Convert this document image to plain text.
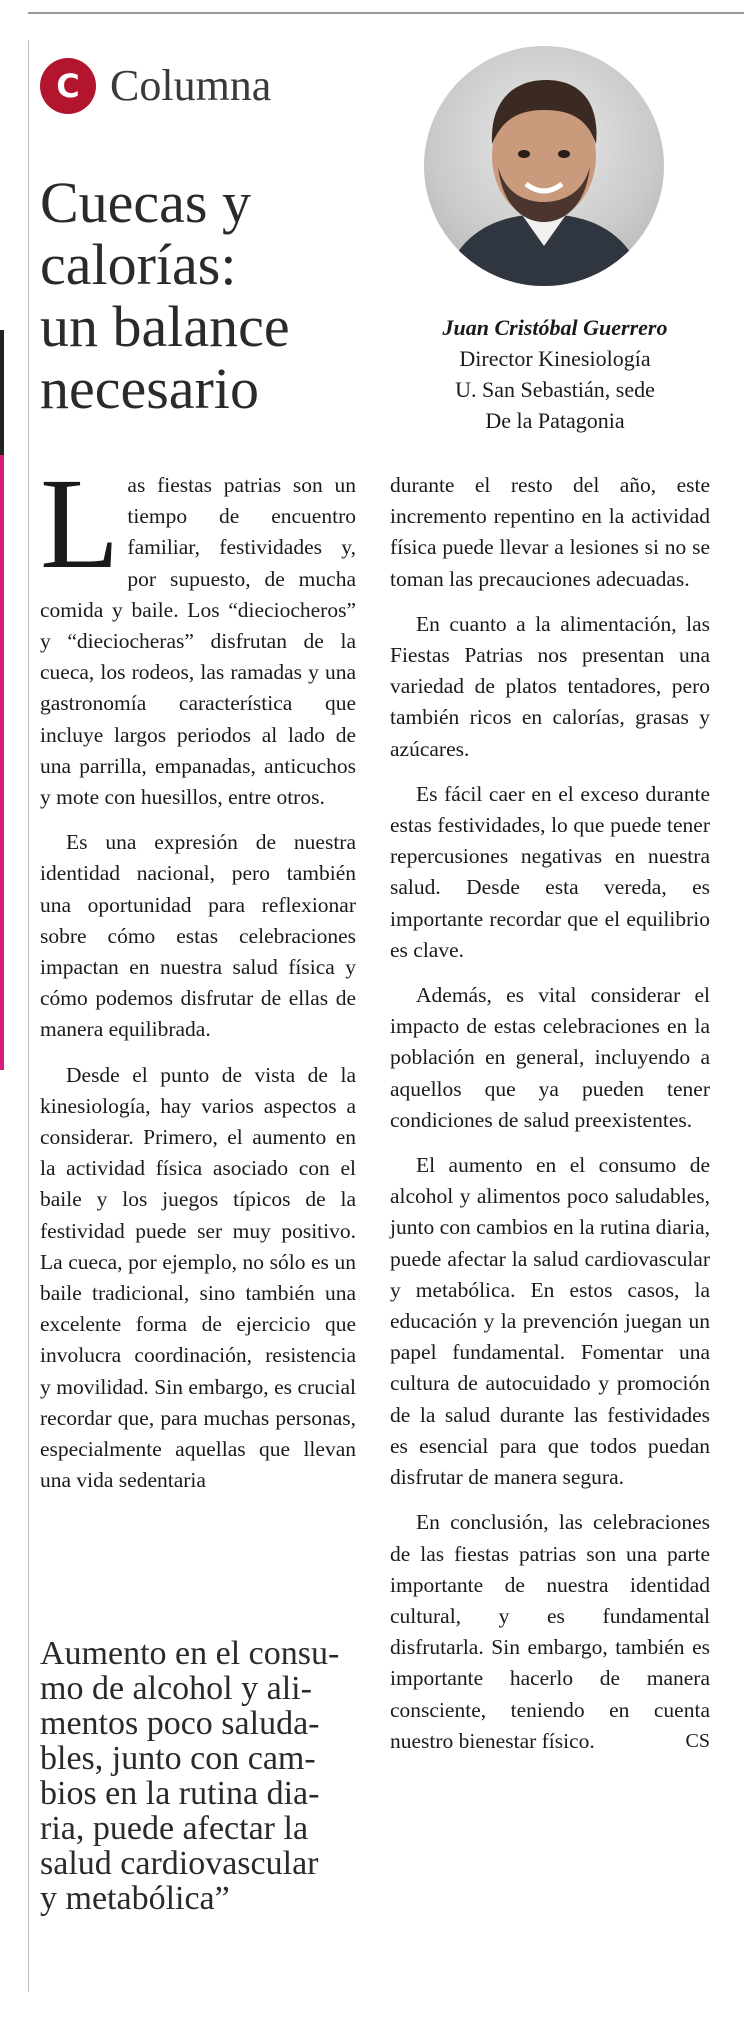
C Columna
Cuecas y
calorías:
un balance
necesario
Juan Cristóbal Guerrero
Director Kinesiología
U. San Sebastián, sede
De la Patagonia

Las fiestas patrias son un tiempo de encuentro familiar, festividades y, por supuesto, de mucha comida y baile. Los “dieciocheros” y “dieciocheras” disfrutan de la cueca, los rodeos, las ramadas y una gastronomía característica que incluye largos periodos al lado de una parrilla, empanadas, anticuchos y mote con huesillos, entre otros.

Es una expresión de nuestra identidad nacional, pero también una oportunidad para reflexionar sobre cómo estas celebraciones impactan en nuestra salud física y cómo podemos disfrutar de ellas de manera equilibrada.

Desde el punto de vista de la kinesiología, hay varios aspectos a considerar. Primero, el aumento en la actividad física asociado con el baile y los juegos típicos de la festividad puede ser muy positivo. La cueca, por ejemplo, no sólo es un baile tradicional, sino también una excelente forma de ejercicio que involucra coordinación, resistencia y movilidad. Sin embargo, es crucial recordar que, para muchas personas, especialmente aquellas que llevan una vida sedentaria

Aumento en el consu-
mo de alcohol y ali-
mentos poco saluda-
bles, junto con cam-
bios en la rutina dia-
ria, puede afectar la
salud cardiovascular
y metabólica”

durante el resto del año, este incremento repentino en la actividad física puede llevar a lesiones si no se toman las precauciones adecuadas.

En cuanto a la alimentación, las Fiestas Patrias nos presentan una variedad de platos tentadores, pero también ricos en calorías, grasas y azúcares.

Es fácil caer en el exceso durante estas festividades, lo que puede tener repercusiones negativas en nuestra salud. Desde esta vereda, es importante recordar que el equilibrio es clave.

Además, es vital considerar el impacto de estas celebraciones en la población en general, incluyendo a aquellos que ya pueden tener condiciones de salud preexistentes.

El aumento en el consumo de alcohol y alimentos poco saludables, junto con cambios en la rutina diaria, puede afectar la salud cardiovascular y metabólica. En estos casos, la educación y la prevención juegan un papel fundamental. Fomentar una cultura de autocuidado y promoción de la salud durante las festividades es esencial para que todos puedan disfrutar de manera segura.

En conclusión, las celebraciones de las fiestas patrias son una parte importante de nuestra identidad cultural, y es fundamental disfrutarla. Sin embargo, también es importante hacerlo de manera consciente, teniendo en cuenta nuestro bienestar físico.	CS
